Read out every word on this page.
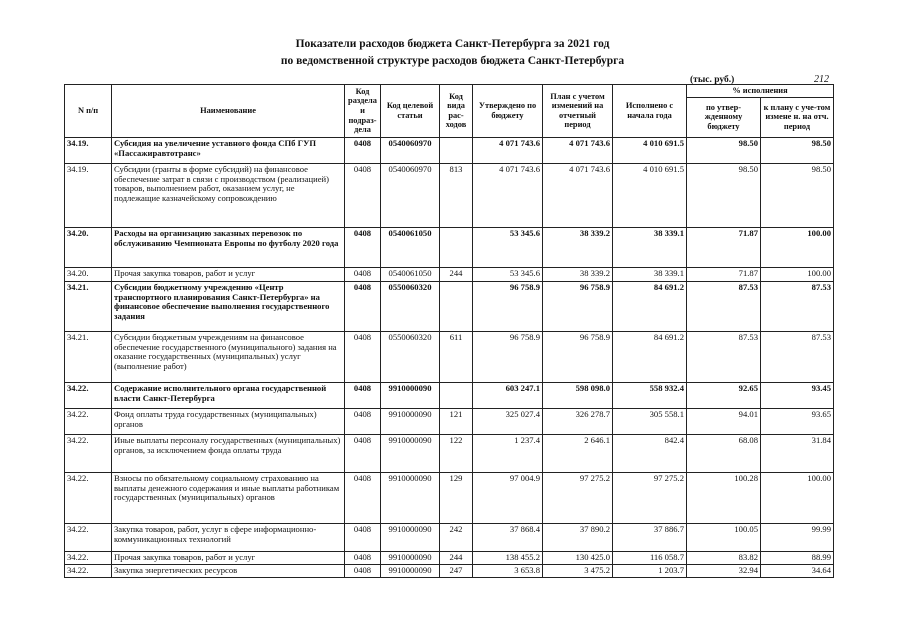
Показатели расходов бюджета Санкт-Петербурга за 2021 год
по ведомственной структуре расходов бюджета Санкт-Петербурга
(тыс. руб.)	212
N п/п	Наименование	Код раздела и подраз-дела	Код целевой статьи	Код вида рас-ходов	Утверждено по бюджету	План с учетом изменений на отчетный период	Исполнено с начала года	% исполнения	
								по утвер-жденному бюджету	к плану с уче-том измене н. на отч. период
34.19.	Субсидия на увеличение уставного фонда СПб ГУП «Пассажиравтотранс»	0408	0540060970		4 071 743.6	4 071 743.6	4 010 691.5	98.50	98.50
34.19.	Субсидии (гранты в форме субсидий) на финансовое обеспечение затрат в связи с производством (реализацией) товаров, выполнением работ, оказанием услуг, не подлежащие казначейскому сопровождению	0408	0540060970	813	4 071 743.6	4 071 743.6	4 010 691.5	98.50	98.50
34.20.	Расходы на организацию заказных перевозок по обслуживанию Чемпионата Европы по футболу 2020 года	0408	0540061050		53 345.6	38 339.2	38 339.1	71.87	100.00
34.20.	Прочая закупка товаров, работ и услуг	0408	0540061050	244	53 345.6	38 339.2	38 339.1	71.87	100.00
34.21.	Субсидии бюджетному учреждению «Центр транспортного планирования Санкт-Петербурга» на финансовое обеспечение выполнения государственного задания	0408	0550060320		96 758.9	96 758.9	84 691.2	87.53	87.53
34.21.	Субсидии бюджетным учреждениям на финансовое обеспечение государственного (муниципального) задания на оказание государственных (муниципальных) услуг (выполнение работ)	0408	0550060320	611	96 758.9	96 758.9	84 691.2	87.53	87.53
34.22.	Содержание исполнительного органа государственной власти Санкт-Петербурга	0408	9910000090		603 247.1	598 098.0	558 932.4	92.65	93.45
34.22.	Фонд оплаты труда государственных (муниципальных) органов	0408	9910000090	121	325 027.4	326 278.7	305 558.1	94.01	93.65
34.22.	Иные выплаты персоналу государственных (муниципальных) органов, за исключением фонда оплаты труда	0408	9910000090	122	1 237.4	2 646.1	842.4	68.08	31.84
34.22.	Взносы по обязательному социальному страхованию на выплаты денежного содержания и иные выплаты работникам государственных (муниципальных) органов	0408	9910000090	129	97 004.9	97 275.2	97 275.2	100.28	100.00
34.22.	Закупка товаров, работ, услуг в сфере информационно-коммуникационных технологий	0408	9910000090	242	37 868.4	37 890.2	37 886.7	100.05	99.99
34.22.	Прочая закупка товаров, работ и услуг	0408	9910000090	244	138 455.2	130 425.0	116 058.7	83.82	88.99
34.22.	Закупка энергетических ресурсов	0408	9910000090	247	3 653.8	3 475.2	1 203.7	32.94	34.64
